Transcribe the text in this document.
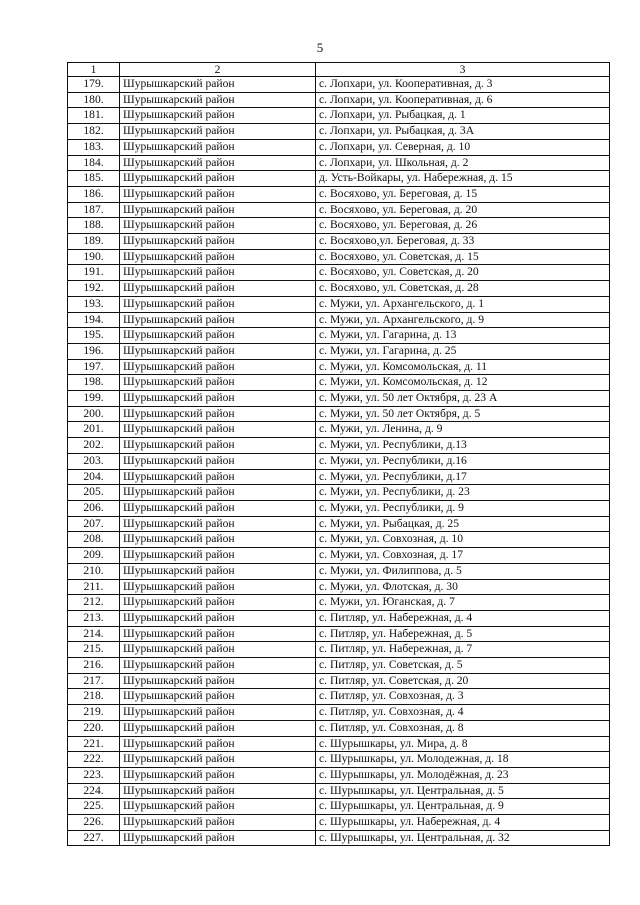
5
1	2	3
179.	Шурышкарский район	с. Лопхари, ул. Кооперативная, д. 3
180.	Шурышкарский район	с. Лопхари, ул. Кооперативная, д. 6
181.	Шурышкарский район	с. Лопхари, ул. Рыбацкая, д. 1
182.	Шурышкарский район	с. Лопхари, ул. Рыбацкая, д. 3А
183.	Шурышкарский район	с. Лопхари, ул. Северная, д. 10
184.	Шурышкарский район	с. Лопхари, ул. Школьная, д. 2
185.	Шурышкарский район	д. Усть-Войкары, ул. Набережная, д. 15
186.	Шурышкарский район	с. Восяхово, ул. Береговая, д. 15
187.	Шурышкарский район	с. Восяхово, ул. Береговая, д. 20
188.	Шурышкарский район	с. Восяхово, ул. Береговая, д. 26
189.	Шурышкарский район	с. Восяхово,ул. Береговая, д. 33
190.	Шурышкарский район	с. Восяхово, ул. Советская, д. 15
191.	Шурышкарский район	с. Восяхово, ул. Советская, д. 20
192.	Шурышкарский район	с. Восяхово, ул. Советская, д. 28
193.	Шурышкарский район	с. Мужи, ул. Архангельского, д. 1
194.	Шурышкарский район	с. Мужи, ул. Архангельского, д. 9
195.	Шурышкарский район	с. Мужи, ул. Гагарина, д. 13
196.	Шурышкарский район	с. Мужи, ул. Гагарина, д. 25
197.	Шурышкарский район	с. Мужи, ул. Комсомольская, д. 11
198.	Шурышкарский район	с. Мужи, ул. Комсомольская, д. 12
199.	Шурышкарский район	с. Мужи, ул. 50 лет Октября, д. 23 А
200.	Шурышкарский район	с. Мужи, ул. 50 лет Октября, д. 5
201.	Шурышкарский район	с. Мужи, ул. Ленина, д. 9
202.	Шурышкарский район	с. Мужи, ул. Республики, д.13
203.	Шурышкарский район	с. Мужи, ул. Республики, д.16
204.	Шурышкарский район	с. Мужи, ул. Республики, д.17
205.	Шурышкарский район	с. Мужи, ул. Республики, д. 23
206.	Шурышкарский район	с. Мужи, ул. Республики, д. 9
207.	Шурышкарский район	с. Мужи, ул. Рыбацкая, д. 25
208.	Шурышкарский район	с. Мужи, ул. Совхозная, д. 10
209.	Шурышкарский район	с. Мужи, ул. Совхозная, д. 17
210.	Шурышкарский район	с. Мужи, ул. Филиппова, д. 5
211.	Шурышкарский район	с. Мужи, ул. Флотская, д. 30
212.	Шурышкарский район	с. Мужи, ул. Юганская, д. 7
213.	Шурышкарский район	с. Питляр, ул. Набережная, д. 4
214.	Шурышкарский район	с. Питляр, ул. Набережная, д. 5
215.	Шурышкарский район	с. Питляр, ул. Набережная, д. 7
216.	Шурышкарский район	с. Питляр, ул. Советская, д. 5
217.	Шурышкарский район	с. Питляр, ул. Советская, д. 20
218.	Шурышкарский район	с. Питляр, ул. Совхозная, д. 3
219.	Шурышкарский район	с. Питляр, ул. Совхозная, д. 4
220.	Шурышкарский район	с. Питляр, ул. Совхозная, д. 8
221.	Шурышкарский район	с. Шурышкары, ул. Мира, д. 8
222.	Шурышкарский район	с. Шурышкары, ул. Молодежная, д. 18
223.	Шурышкарский район	с. Шурышкары, ул. Молодёжная, д. 23
224.	Шурышкарский район	с. Шурышкары, ул. Центральная, д. 5
225.	Шурышкарский район	с. Шурышкары, ул. Центральная, д. 9
226.	Шурышкарский район	с. Шурышкары, ул. Набережная, д. 4
227.	Шурышкарский район	с. Шурышкары, ул. Центральная, д. 32
